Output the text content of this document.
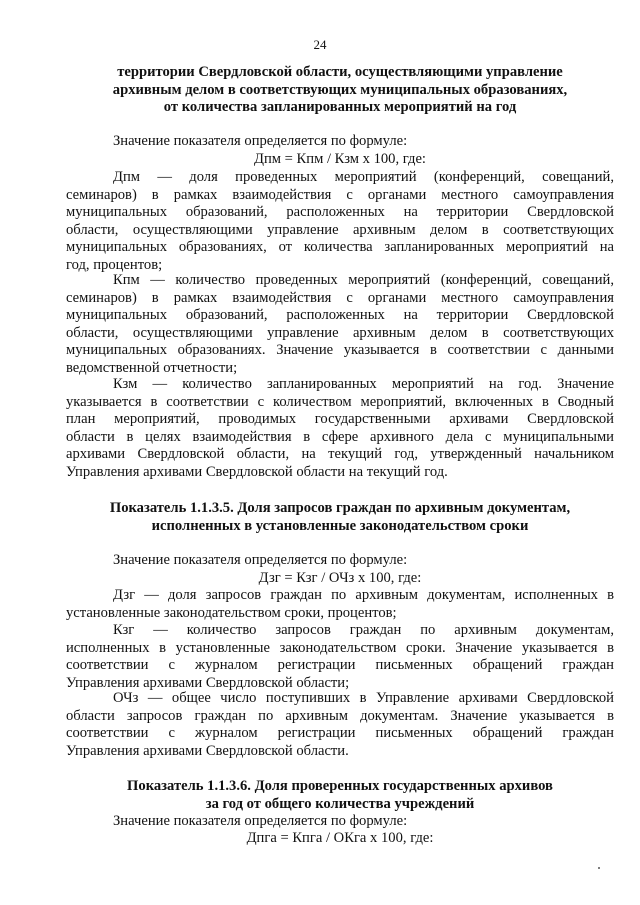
24
территории Свердловской области, осуществляющими управление
архивным делом в соответствующих муниципальных образованиях,
от количества запланированных мероприятий на год
Значение показателя определяется по формуле:
Дпм = Кпм / Кзм х 100, где:
Дпм — доля проведенных мероприятий (конференций, совещаний,
семинаров) в рамках взаимодействия с органами местного самоуправления
муниципальных образований, расположенных на территории Свердловской
области, осуществляющими управление архивным делом в соответствующих
муниципальных образованиях, от количества запланированных мероприятий на
год, процентов;
Кпм — количество проведенных мероприятий (конференций, совещаний,
семинаров) в рамках взаимодействия с органами местного самоуправления
муниципальных образований, расположенных на территории Свердловской
области, осуществляющими управление архивным делом в соответствующих
муниципальных образованиях. Значение указывается в соответствии с данными
ведомственной отчетности;
Кзм — количество запланированных мероприятий на год. Значение
указывается в соответствии с количеством мероприятий, включенных в Сводный
план мероприятий, проводимых государственными архивами Свердловской
области в целях взаимодействия в сфере архивного дела с муниципальными
архивами Свердловской области, на текущий год, утвержденный начальником
Управления архивами Свердловской области на текущий год.
Показатель 1.1.3.5. Доля запросов граждан по архивным документам,
исполненных в установленные законодательством сроки
Значение показателя определяется по формуле:
Дзг = Кзг / ОЧз х 100, где:
Дзг — доля запросов граждан по архивным документам, исполненных в
установленные законодательством сроки, процентов;
Кзг — количество запросов граждан по архивным документам,
исполненных в установленные законодательством сроки. Значение указывается в
соответствии с журналом регистрации письменных обращений граждан
Управления архивами Свердловской области;
ОЧз — общее число поступивших в Управление архивами Свердловской
области запросов граждан по архивным документам. Значение указывается в
соответствии с журналом регистрации письменных обращений граждан
Управления архивами Свердловской области.
Показатель 1.1.3.6. Доля проверенных государственных архивов
за год от общего количества учреждений
Значение показателя определяется по формуле:
Дпга = Кпга / ОКга х 100, где:
